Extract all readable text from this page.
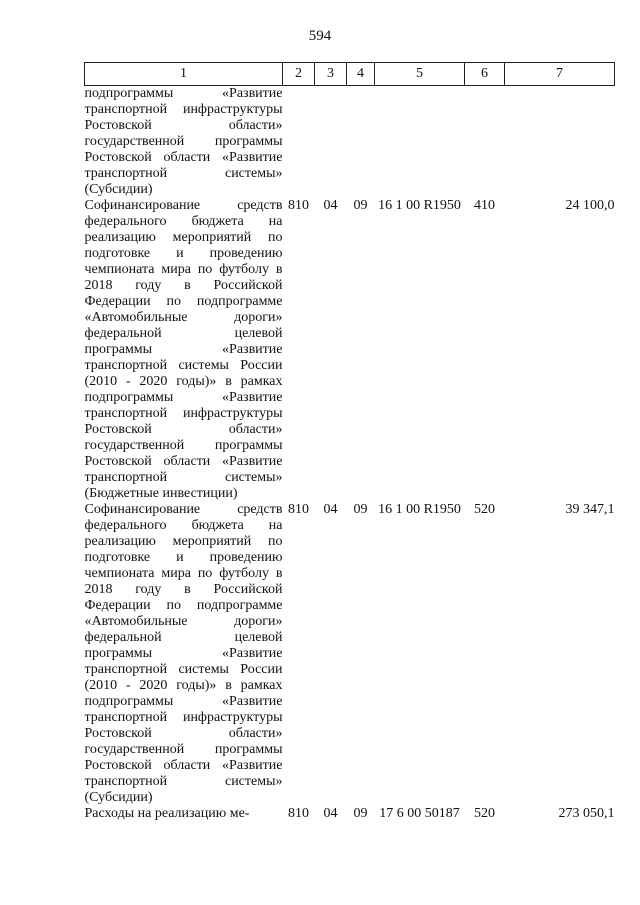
594
1	2	3	4	5	6	7
подпрограммы «Развитие транспортной инфраструктуры Ростовской области» государственной программы Ростовской области «Развитие транспортной системы» (Субсидии)						
Софинансирование средств федерального бюджета на реализацию мероприятий по подготовке и проведению чемпионата мира по футболу в 2018 году в Российской Федерации по подпрограмме «Автомобильные дороги» федеральной целевой программы «Развитие транспортной системы России (2010 - 2020 годы)» в рамках подпрограммы «Развитие транспортной инфраструктуры Ростовской области» государственной программы Ростовской области «Развитие транспортной системы» (Бюджетные инвестиции)	810	04	09	16 1 00 R1950	410	24 100,0
Софинансирование средств федерального бюджета на реализацию мероприятий по подготовке и проведению чемпионата мира по футболу в 2018 году в Российской Федерации по подпрограмме «Автомобильные дороги» федеральной целевой программы «Развитие транспортной системы России (2010 - 2020 годы)» в рамках подпрограммы «Развитие транспортной инфраструктуры Ростовской области» государственной программы Ростовской области «Развитие транспортной системы» (Субсидии)	810	04	09	16 1 00 R1950	520	39 347,1
Расходы на реализацию ме-	810	04	09	17 6 00 50187	520	273 050,1
